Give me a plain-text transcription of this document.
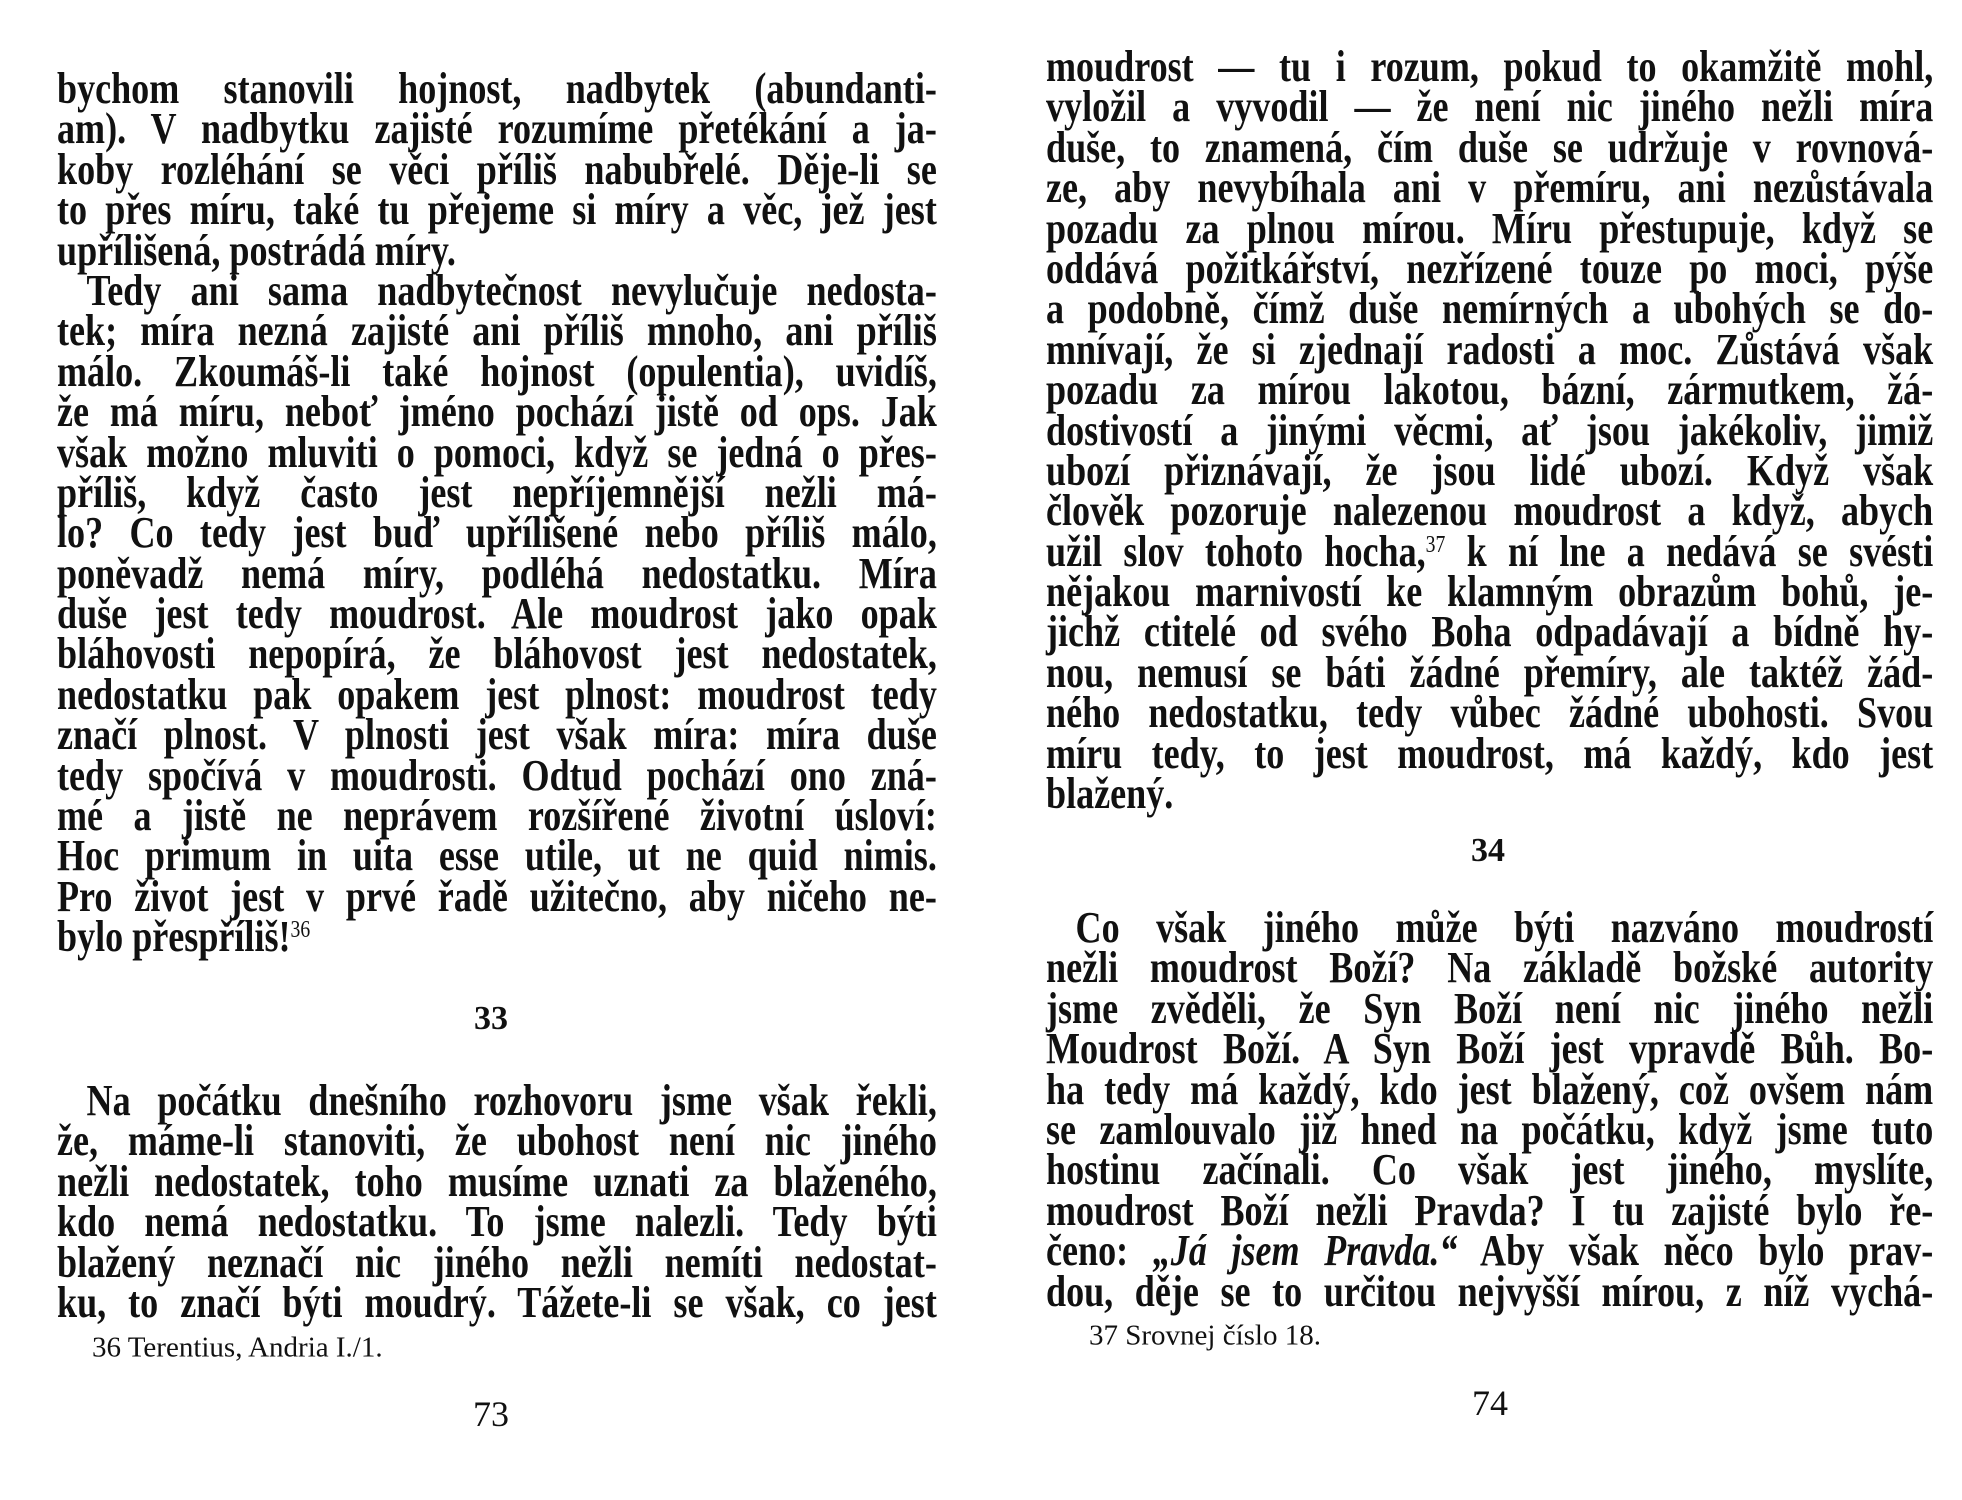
bychom stanovili hojnost, nadbytek (abundanti-
am). V nadbytku zajisté rozumíme přetékání a ja-
koby rozléhání se věci příliš nabubřelé. Děje-li se
to přes míru, také tu přejeme si míry a věc, jež jest
upřílišená, postrádá míry.
Tedy ani sama nadbytečnost nevylučuje nedosta-
tek; míra nezná zajisté ani příliš mnoho, ani příliš
málo. Zkoumáš-li také hojnost (opulentia), uvidíš,
že má míru, neboť jméno pochází jistě od ops. Jak
však možno mluviti o pomoci, když se jedná o přes-
příliš, když často jest nepříjemnější nežli má-
lo? Co tedy jest buď upřílišené nebo příliš málo,
poněvadž nemá míry, podléhá nedostatku. Míra
duše jest tedy moudrost. Ale moudrost jako opak
bláhovosti nepopírá, že bláhovost jest nedostatek,
nedostatku pak opakem jest plnost: moudrost tedy
značí plnost. V plnosti jest však míra: míra duše
tedy spočívá v moudrosti. Odtud pochází ono zná-
mé a jistě ne neprávem rozšířené životní úsloví:
Hoc primum in uita esse utile, ut ne quid nimis.
Pro život jest v prvé řadě užitečno, aby ničeho ne-
bylo přespříliš!$^{36}$
33
Na počátku dnešního rozhovoru jsme však řekli,
že, máme-li stanoviti, že ubohost není nic jiného
nežli nedostatek, toho musíme uznati za blaženého,
kdo nemá nedostatku. To jsme nalezli. Tedy býti
blažený neznačí nic jiného nežli nemíti nedostat-
ku, to značí býti moudrý. Tážete-li se však, co jest
36 Terentius, Andria I./1.
73
moudrost — tu i rozum, pokud to okamžitě mohl,
vyložil a vyvodil — že není nic jiného nežli míra
duše, to znamená, čím duše se udržuje v rovnová-
ze, aby nevybíhala ani v přemíru, ani nezůstávala
pozadu za plnou mírou. Míru přestupuje, když se
oddává požitkářství, nezřízené touze po moci, pýše
a podobně, čímž duše nemírných a ubohých se do-
mnívají, že si zjednají radosti a moc. Zůstává však
pozadu za mírou lakotou, bázní, zármutkem, žá-
dostivostí a jinými věcmi, ať jsou jakékoliv, jimiž
ubozí přiznávají, že jsou lidé ubozí. Když však
člověk pozoruje nalezenou moudrost a když, abych
užil slov tohoto hocha,$^{37}$ k ní lne a nedává se svésti
nějakou marnivostí ke klamným obrazům bohů, je-
jichž ctitelé od svého Boha odpadávají a bídně hy-
nou, nemusí se báti žádné přemíry, ale taktéž žád-
ného nedostatku, tedy vůbec žádné ubohosti. Svou
míru tedy, to jest moudrost, má každý, kdo jest
blažený.
34
Co však jiného může býti nazváno moudrostí
nežli moudrost Boží? Na základě božské autority
jsme zvěděli, že Syn Boží není nic jiného nežli
Moudrost Boží. A Syn Boží jest vpravdě Bůh. Bo-
ha tedy má každý, kdo jest blažený, což ovšem nám
se zamlouvalo již hned na počátku, když jsme tuto
hostinu začínali. Co však jest jiného, myslíte,
moudrost Boží nežli Pravda? I tu zajisté bylo ře-
čeno: „Já jsem Pravda.“ Aby však něco bylo prav-
dou, děje se to určitou nejvyšší mírou, z níž vychá-
37 Srovnej číslo 18.
74
